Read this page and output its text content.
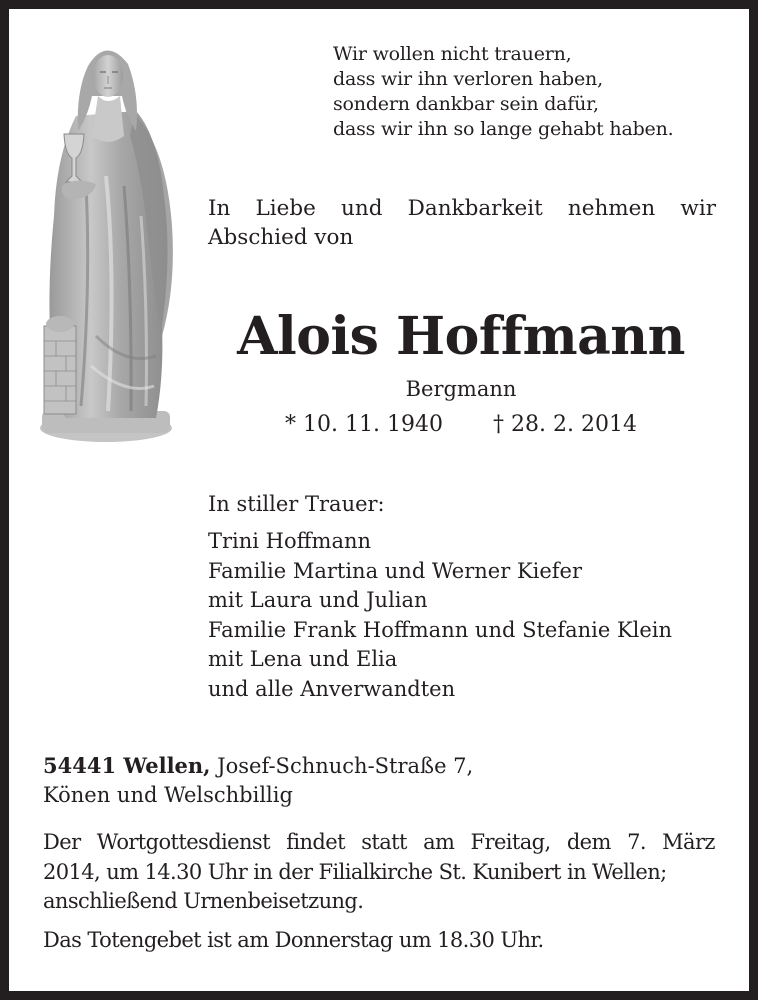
Wir wollen nicht trauern,
dass wir ihn verloren haben,
sondern dankbar sein dafür,
dass wir ihn so lange gehabt haben.
In Liebe und Dankbarkeit nehmen wir
Abschied von
Alois Hoffmann
Bergmann
* 10. 11. 1940 † 28. 2. 2014
In stiller Trauer:
Trini Hoffmann
Familie Martina und Werner Kiefer
mit Laura und Julian
Familie Frank Hoffmann und Stefanie Klein
mit Lena und Elia
und alle Anverwandten
54441 Wellen, Josef-Schnuch-Straße 7,
Könen und Welschbillig
Der Wortgottesdienst findet statt am Freitag, dem 7. März
2014, um 14.30 Uhr in der Filialkirche St. Kunibert in Wellen;
anschließend Urnenbeisetzung.
Das Totengebet ist am Donnerstag um 18.30 Uhr.
